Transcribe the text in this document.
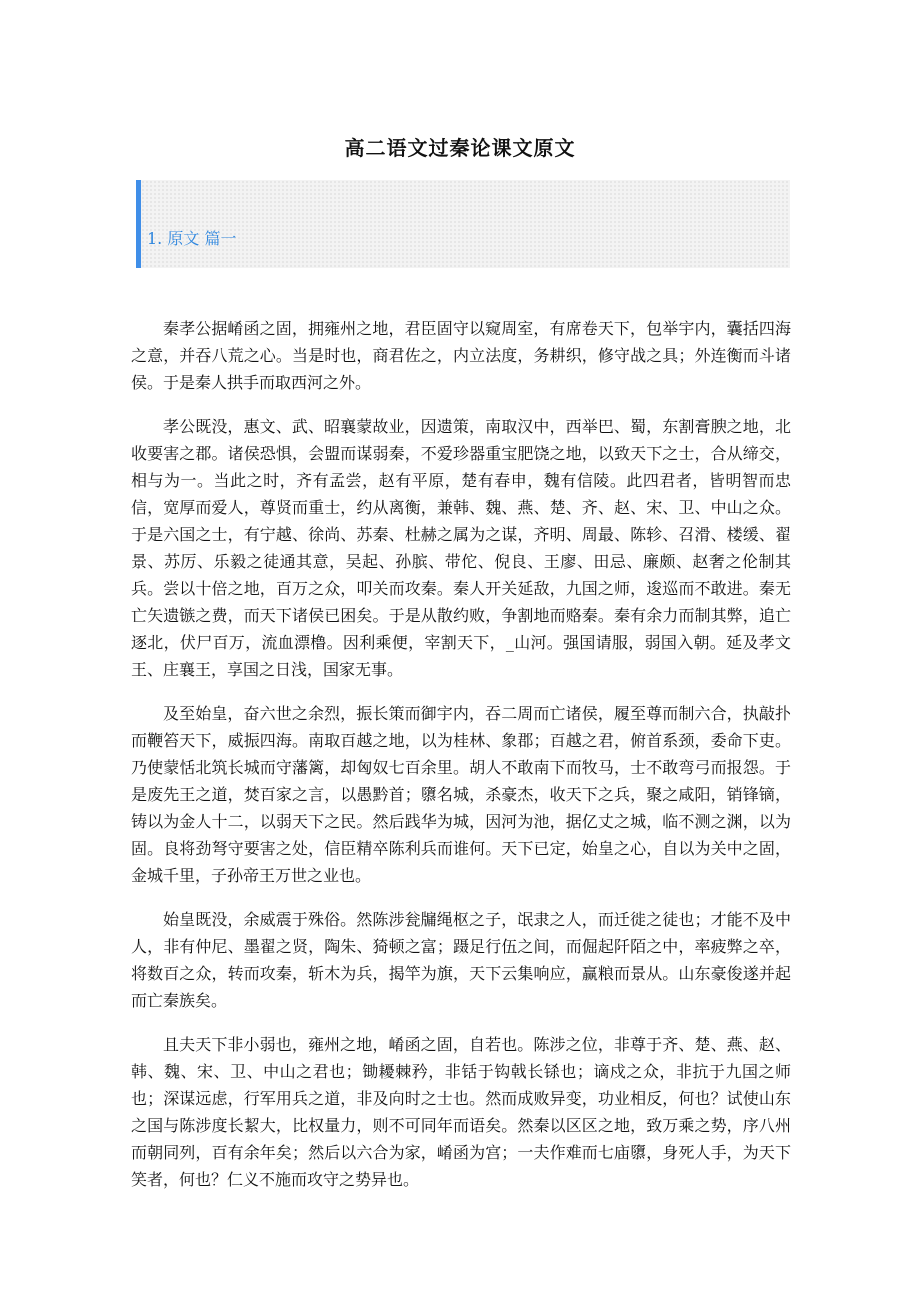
高二语文过秦论课文原文
1. 原文 篇一

秦孝公据崤函之固，拥雍州之地，君臣固守以窥周室，有席卷天下，包举宇内，囊括四海之意，并吞八荒之心。当是时也，商君佐之，内立法度，务耕织，修守战之具；外连衡而斗诸侯。于是秦人拱手而取西河之外。

孝公既没，惠文、武、昭襄蒙故业，因遗策，南取汉中，西举巴、蜀，东割膏腴之地，北收要害之郡。诸侯恐惧，会盟而谋弱秦，不爱珍器重宝肥饶之地，以致天下之士，合从缔交，相与为一。当此之时，齐有孟尝，赵有平原，楚有春申，魏有信陵。此四君者，皆明智而忠信，宽厚而爱人，尊贤而重士，约从离衡，兼韩、魏、燕、楚、齐、赵、宋、卫、中山之众。于是六国之士，有宁越、徐尚、苏秦、杜赫之属为之谋，齐明、周最、陈轸、召滑、楼缓、翟景、苏厉、乐毅之徒通其意，吴起、孙膑、带佗、倪良、王廖、田忌、廉颇、赵奢之伦制其兵。尝以十倍之地，百万之众，叩关而攻秦。秦人开关延敌，九国之师，逡巡而不敢进。秦无亡矢遗镞之费，而天下诸侯已困矣。于是从散约败，争割地而赂秦。秦有余力而制其弊，追亡逐北，伏尸百万，流血漂橹。因利乘便，宰割天下，_山河。强国请服，弱国入朝。延及孝文王、庄襄王，享国之日浅，国家无事。

及至始皇，奋六世之余烈，振长策而御宇内，吞二周而亡诸侯，履至尊而制六合，执敲扑而鞭笞天下，威振四海。南取百越之地，以为桂林、象郡；百越之君，俯首系颈，委命下吏。乃使蒙恬北筑长城而守藩篱，却匈奴七百余里。胡人不敢南下而牧马，士不敢弯弓而报怨。于是废先王之道，焚百家之言，以愚黔首；隳名城，杀豪杰，收天下之兵，聚之咸阳，销锋镝，铸以为金人十二，以弱天下之民。然后践华为城，因河为池，据亿丈之城，临不测之渊，以为固。良将劲弩守要害之处，信臣精卒陈利兵而谁何。天下已定，始皇之心，自以为关中之固，金城千里，子孙帝王万世之业也。

始皇既没，余威震于殊俗。然陈涉瓮牖绳枢之子，氓隶之人，而迁徙之徒也；才能不及中人，非有仲尼、墨翟之贤，陶朱、猗顿之富；蹑足行伍之间，而倔起阡陌之中，率疲弊之卒，将数百之众，转而攻秦，斩木为兵，揭竿为旗，天下云集响应，赢粮而景从。山东豪俊遂并起而亡秦族矣。

且夫天下非小弱也，雍州之地，崤函之固，自若也。陈涉之位，非尊于齐、楚、燕、赵、韩、魏、宋、卫、中山之君也；锄耰棘矜，非铦于钩戟长铩也；谪戍之众，非抗于九国之师也；深谋远虑，行军用兵之道，非及向时之士也。然而成败异变，功业相反，何也？试使山东之国与陈涉度长絜大，比权量力，则不可同年而语矣。然秦以区区之地，致万乘之势，序八州而朝同列，百有余年矣；然后以六合为家，崤函为宫；一夫作难而七庙隳，身死人手，为天下笑者，何也？仁义不施而攻守之势异也。
